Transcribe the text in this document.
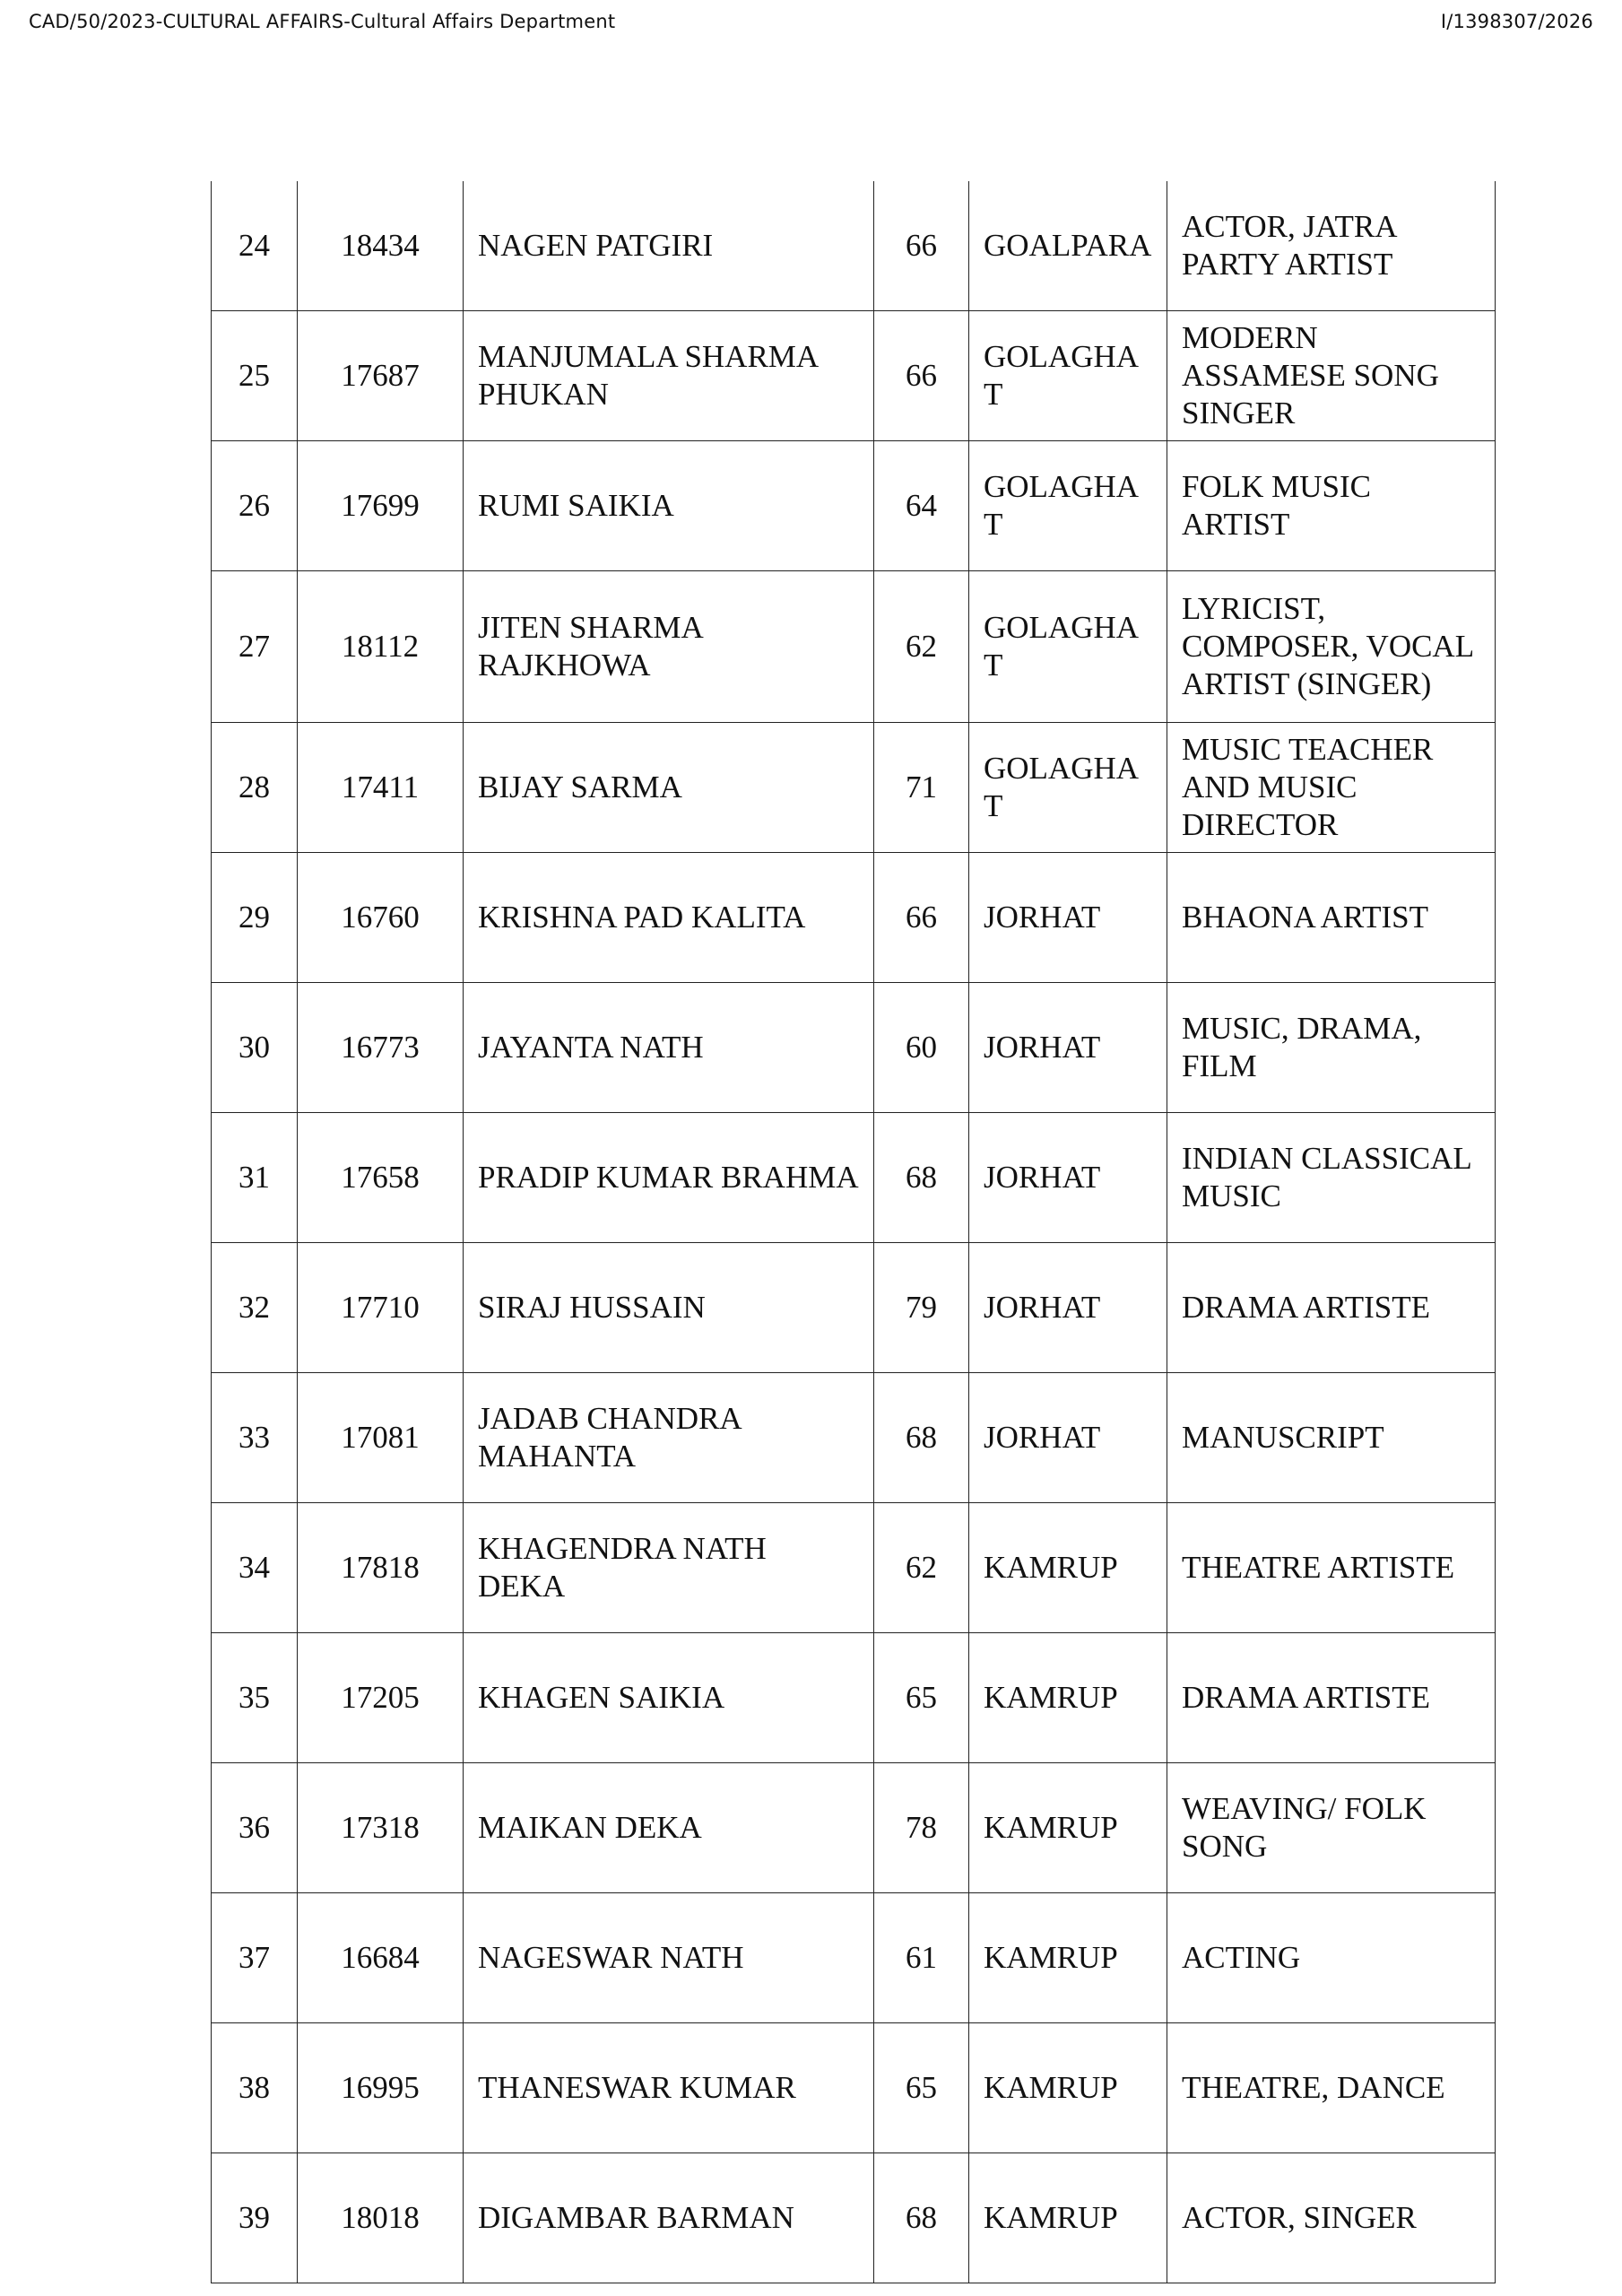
CAD/50/2023-CULTURAL AFFAIRS-Cultural Affairs Department	I/1398307/2026
24	18434	NAGEN PATGIRI	66	GOALPARA	ACTOR, JATRA PARTY ARTIST
25	17687	MANJUMALA SHARMA PHUKAN	66	GOLAGHAT	MODERN ASSAMESE SONG SINGER
26	17699	RUMI SAIKIA	64	GOLAGHAT	FOLK MUSIC ARTIST
27	18112	JITEN SHARMA RAJKHOWA	62	GOLAGHAT	LYRICIST, COMPOSER, VOCAL ARTIST (SINGER)
28	17411	BIJAY SARMA	71	GOLAGHAT	MUSIC TEACHER AND MUSIC DIRECTOR
29	16760	KRISHNA PAD KALITA	66	JORHAT	BHAONA ARTIST
30	16773	JAYANTA NATH	60	JORHAT	MUSIC, DRAMA, FILM
31	17658	PRADIP KUMAR BRAHMA	68	JORHAT	INDIAN CLASSICAL MUSIC
32	17710	SIRAJ HUSSAIN	79	JORHAT	DRAMA ARTISTE
33	17081	JADAB CHANDRA MAHANTA	68	JORHAT	MANUSCRIPT
34	17818	KHAGENDRA NATH DEKA	62	KAMRUP	THEATRE ARTISTE
35	17205	KHAGEN SAIKIA	65	KAMRUP	DRAMA ARTISTE
36	17318	MAIKAN DEKA	78	KAMRUP	WEAVING/ FOLK SONG
37	16684	NAGESWAR NATH	61	KAMRUP	ACTING
38	16995	THANESWAR KUMAR	65	KAMRUP	THEATRE, DANCE
39	18018	DIGAMBAR BARMAN	68	KAMRUP	ACTOR, SINGER
